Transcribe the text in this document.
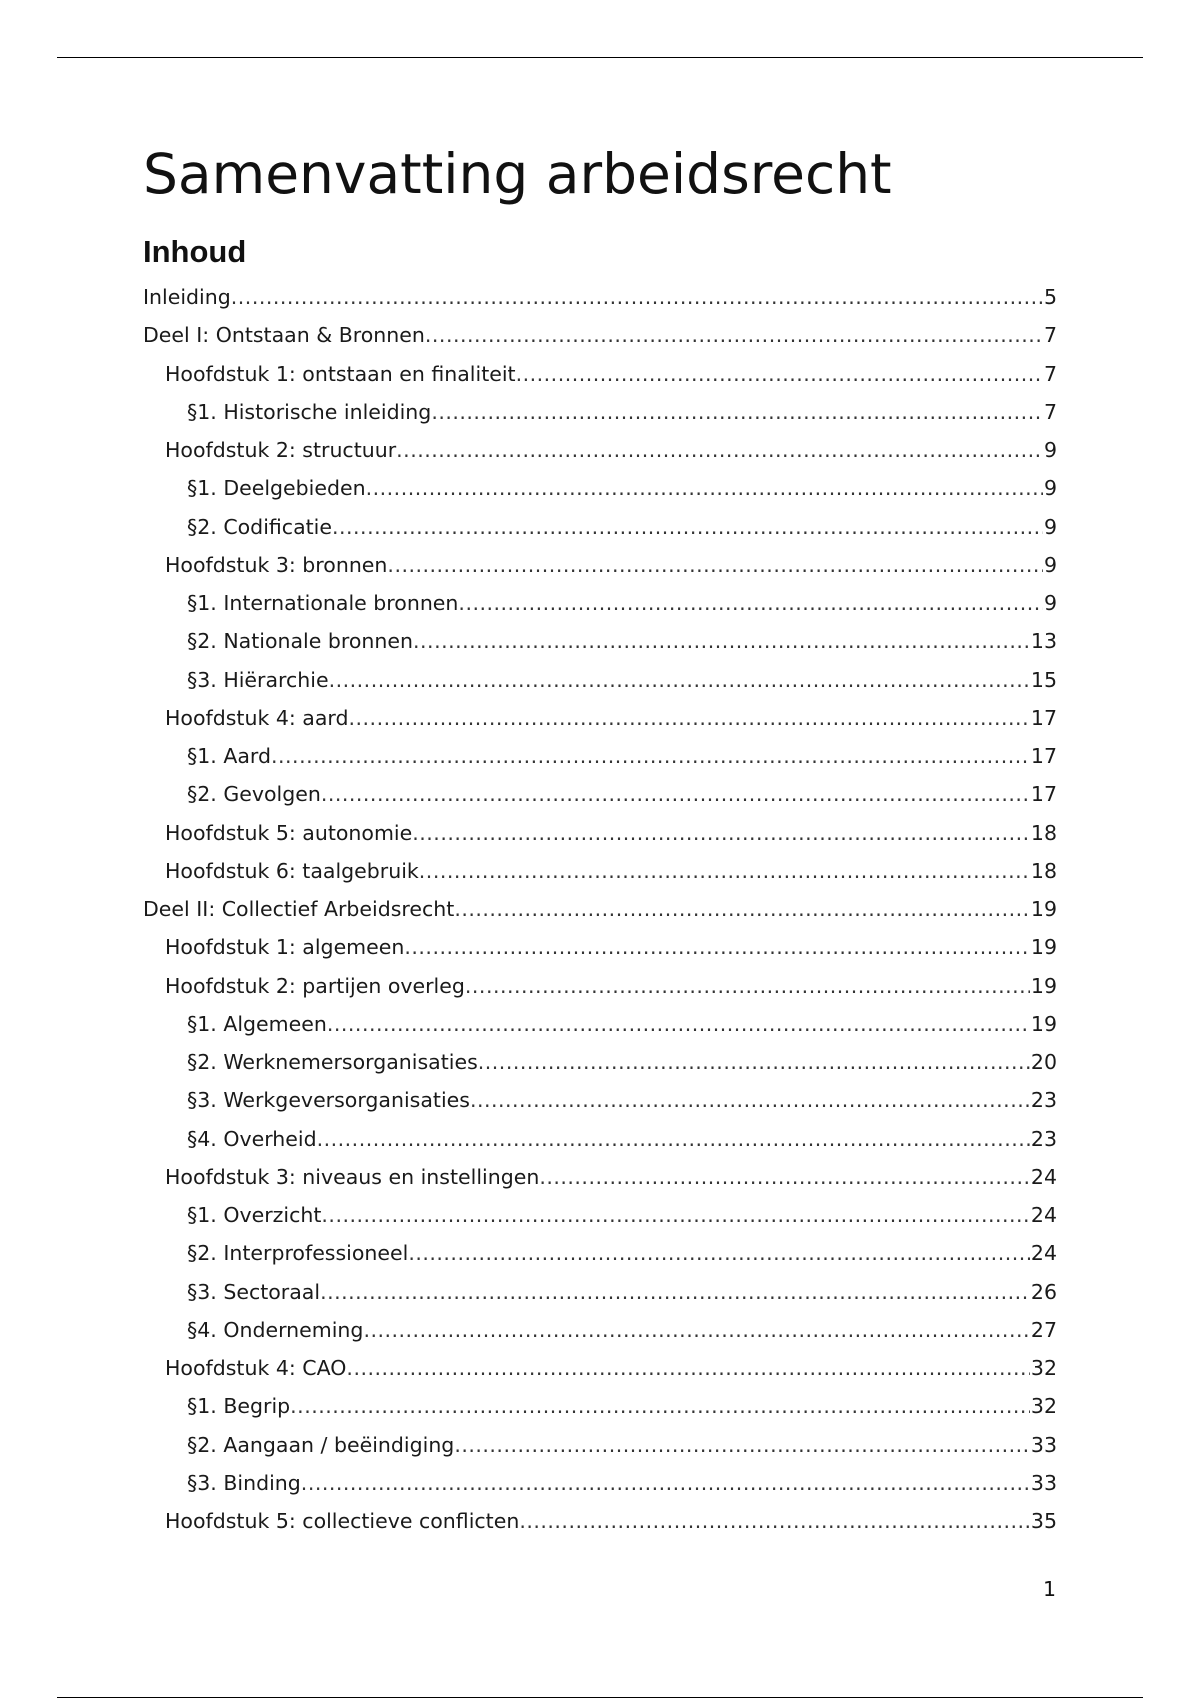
Samenvatting arbeidsrecht
Inhoud
Inleiding .....	5
Deel I: Ontstaan & Bronnen .....	7
Hoofdstuk 1: ontstaan en finaliteit .....	7
§1. Historische inleiding .....	7
Hoofdstuk 2: structuur .....	9
§1. Deelgebieden .....	9
§2. Codificatie .....	9
Hoofdstuk 3: bronnen .....	9
§1. Internationale bronnen .....	9
§2. Nationale bronnen .....	13
§3. Hiërarchie .....	15
Hoofdstuk 4: aard .....	17
§1. Aard .....	17
§2. Gevolgen .....	17
Hoofdstuk 5: autonomie .....	18
Hoofdstuk 6: taalgebruik .....	18
Deel II: Collectief Arbeidsrecht .....	19
Hoofdstuk 1: algemeen .....	19
Hoofdstuk 2: partijen overleg .....	19
§1. Algemeen .....	19
§2. Werknemersorganisaties .....	20
§3. Werkgeversorganisaties .....	23
§4. Overheid .....	23
Hoofdstuk 3: niveaus en instellingen .....	24
§1. Overzicht .....	24
§2. Interprofessioneel .....	24
§3. Sectoraal .....	26
§4. Onderneming .....	27
Hoofdstuk 4: CAO .....	32
§1. Begrip .....	32
§2. Aangaan / beëindiging .....	33
§3. Binding .....	33
Hoofdstuk 5: collectieve conflicten .....	35
1
